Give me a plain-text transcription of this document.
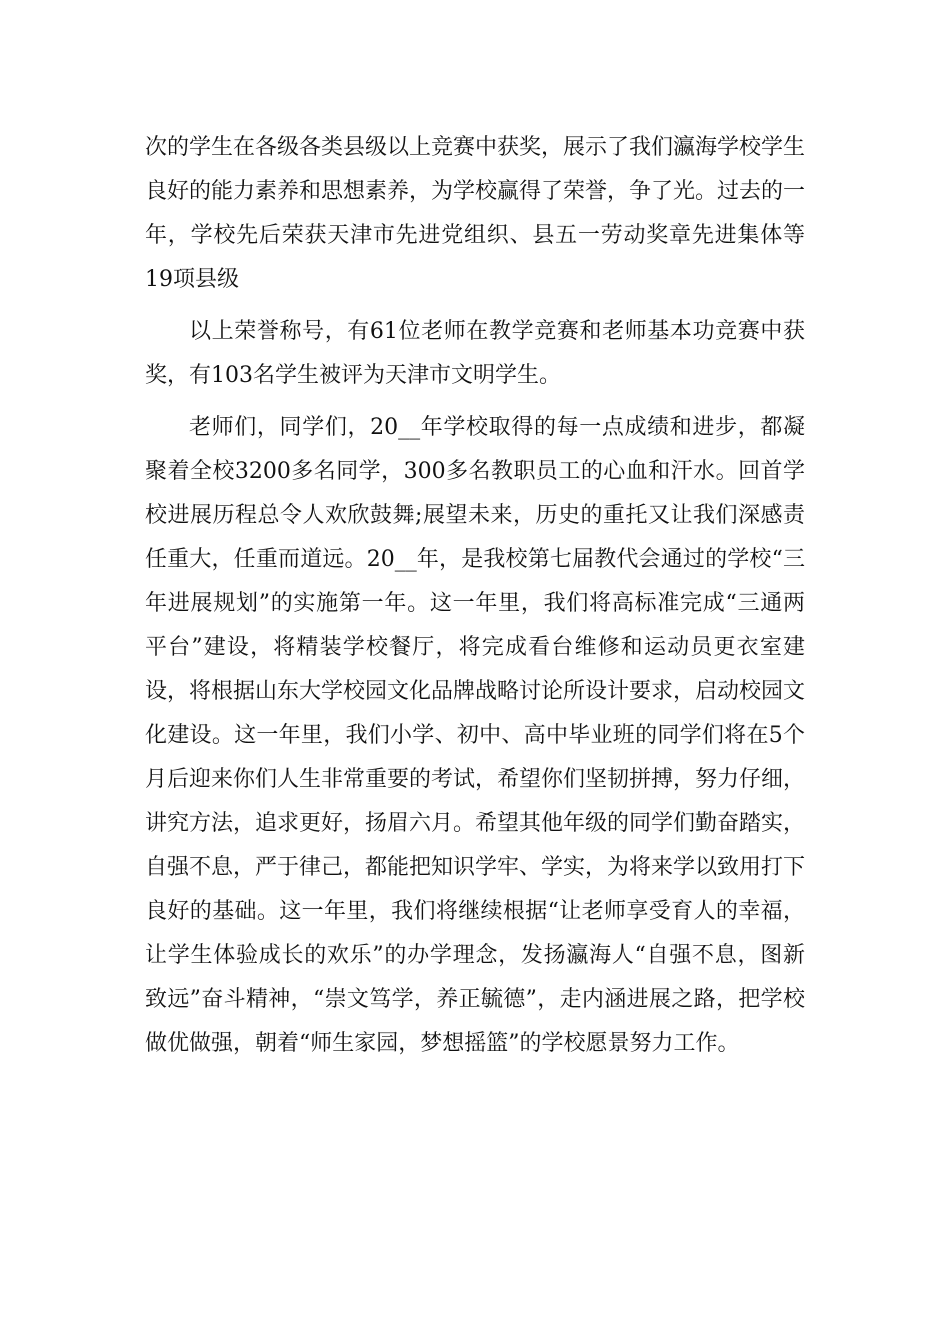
次的学生在各级各类县级以上竞赛中获奖，展示了我们瀛海学校学生良好的能力素养和思想素养，为学校赢得了荣誉，争了光。过去的一年，学校先后荣获天津市先进党组织、县五一劳动奖章先进集体等19项县级

以上荣誉称号，有61位老师在教学竞赛和老师基本功竞赛中获奖，有103名学生被评为天津市文明学生。

老师们，同学们，20__年学校取得的每一点成绩和进步，都凝聚着全校3200多名同学，300多名教职员工的心血和汗水。回首学校进展历程总令人欢欣鼓舞;展望未来，历史的重托又让我们深感责任重大，任重而道远。20__年，是我校第七届教代会通过的学校“三年进展规划”的实施第一年。这一年里，我们将高标准完成“三通两平台”建设，将精装学校餐厅，将完成看台维修和运动员更衣室建设，将根据山东大学校园文化品牌战略讨论所设计要求，启动校园文化建设。这一年里，我们小学、初中、高中毕业班的同学们将在5个月后迎来你们人生非常重要的考试，希望你们坚韧拼搏，努力仔细，讲究方法，追求更好，扬眉六月。希望其他年级的同学们勤奋踏实，自强不息，严于律己，都能把知识学牢、学实，为将来学以致用打下良好的基础。这一年里，我们将继续根据“让老师享受育人的幸福，让学生体验成长的欢乐”的办学理念，发扬瀛海人“自强不息，图新致远”奋斗精神，“崇文笃学，养正毓德”，走内涵进展之路，把学校做优做强，朝着“师生家园，梦想摇篮”的学校愿景努力工作。
